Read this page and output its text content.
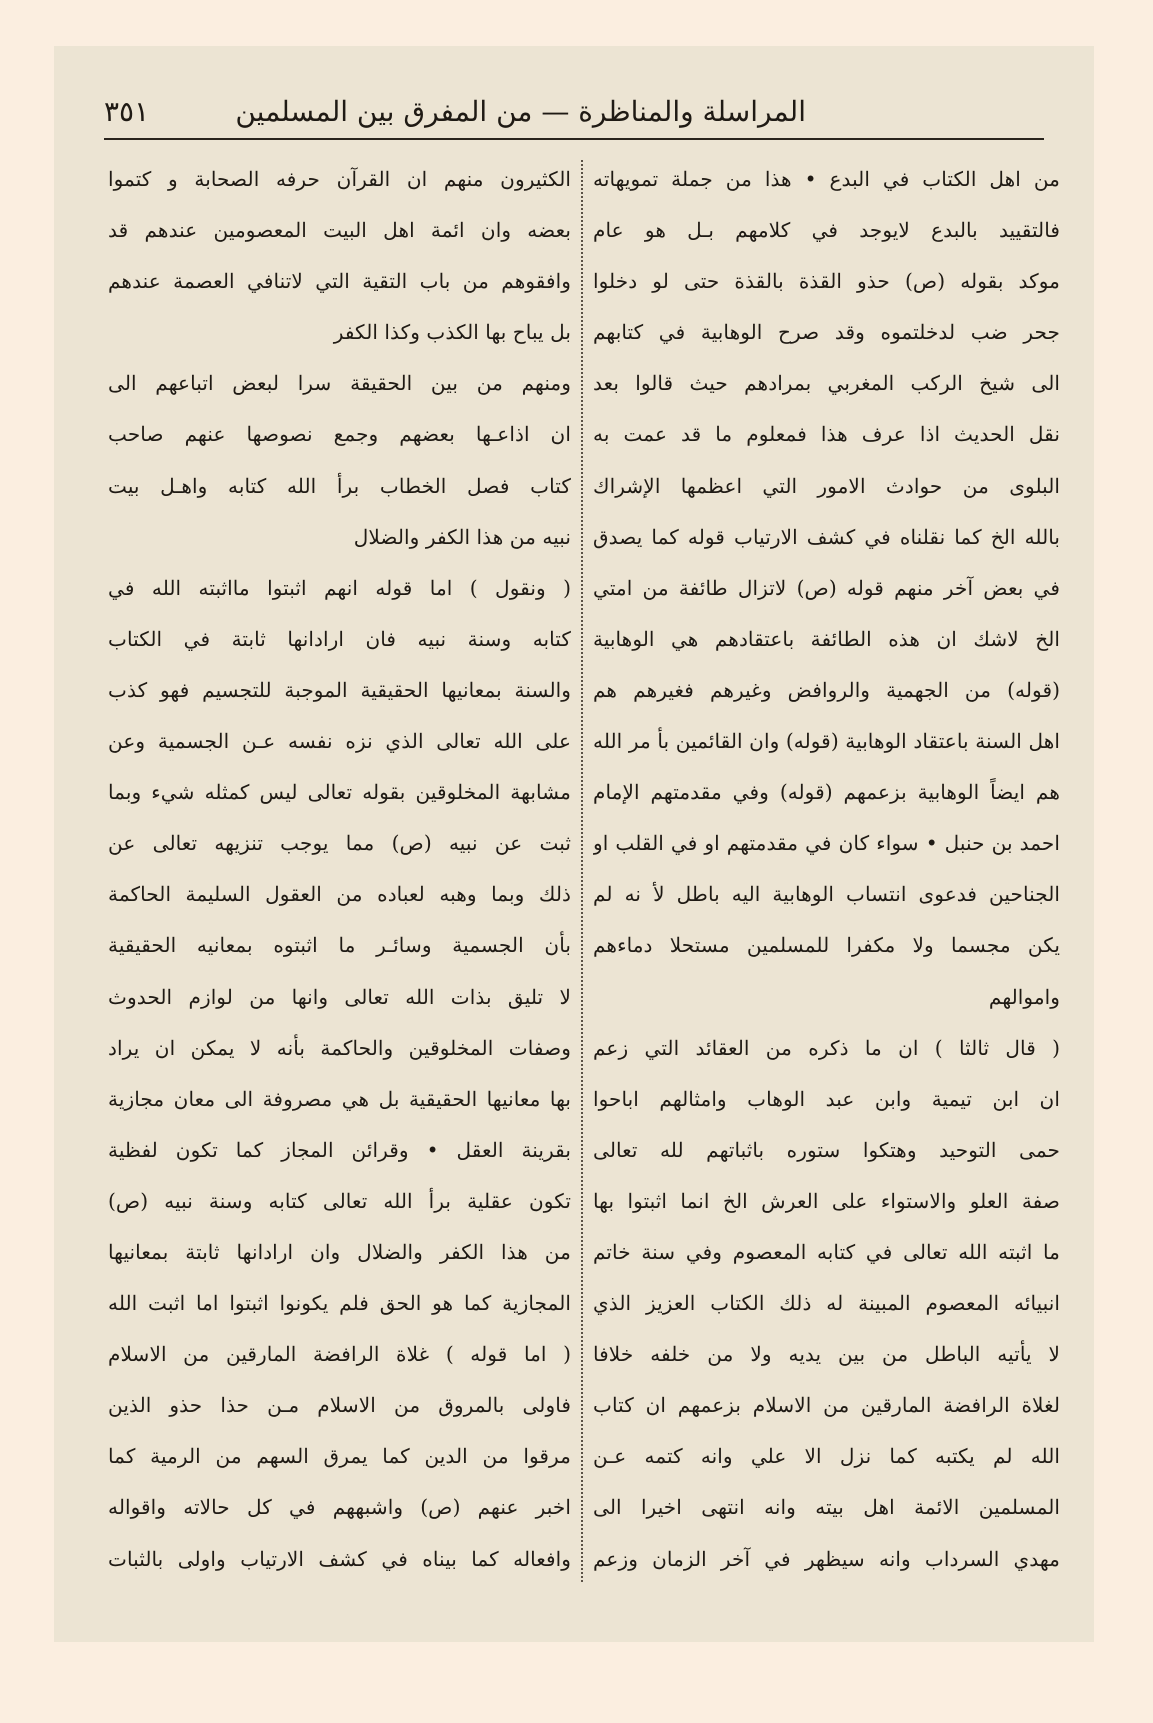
المراسلة والمناظرة — من المفرق بين المسلمين
٣٥١
من اهل الكتاب في البدع • هذا من جملة تمويهاته
فالتقييد بالبدع لايوجد في كلامهم بـل هو عام
موكد بقوله (ص) حذو القذة بالقذة حتى لو دخلوا
جحر ضب لدخلتموه وقد صرح الوهابية في كتابهم
الى شيخ الركب المغربي بمرادهم حيث قالوا بعد
نقل الحديث اذا عرف هذا فمعلوم ما قد عمت به
البلوى من حوادث الامور التي اعظمها الإشراك
بالله الخ كما نقلناه في كشف الارتياب قوله كما يصدق
في بعض آخر منهم قوله (ص) لاتزال طائفة من امتي
الخ لاشك ان هذه الطائفة باعتقادهم هي الوهابية
(قوله) من الجهمية والروافض وغيرهم فغيرهم هم
اهل السنة باعتقاد الوهابية (قوله) وان القائمين بأ مر الله
هم ايضاً الوهابية بزعمهم (قوله) وفي مقدمتهم الإمام
احمد بن حنبل • سواء كان في مقدمتهم او في القلب او
الجناحين فدعوى انتساب الوهابية اليه باطل لأ نه لم
يكن مجسما ولا مكفرا للمسلمين مستحلا دماءهم
واموالهم
( قال ثالثا ) ان ما ذكره من العقائد التي زعم
ان ابن تيمية وابن عبد الوهاب وامثالهم اباحوا
حمى التوحيد وهتكوا ستوره باثباتهم لله تعالى
صفة العلو والاستواء على العرش الخ انما اثبتوا بها
ما اثبته الله تعالى في كتابه المعصوم وفي سنة خاتم
انبيائه المعصوم المبينة له ذلك الكتاب العزيز الذي
لا يأتيه الباطل من بين يديه ولا من خلفه خلافا
لغلاة الرافضة المارقين من الاسلام بزعمهم ان كتاب
الله لم يكتبه كما نزل الا علي وانه كتمه عـن
المسلمين الائمة اهل بيته وانه انتهى اخيرا الى
مهدي السرداب وانه سيظهر في آخر الزمان وزعم
الكثيرون منهم ان القرآن حرفه الصحابة و كتموا
بعضه وان ائمة اهل البيت المعصومين عندهم قد
وافقوهم من باب التقية التي لاتنافي العصمة عندهم
بل يباح بها الكذب وكذا الكفر
ومنهم من بين الحقيقة سرا لبعض اتباعهم الى
ان اذاعـها بعضهم وجمع نصوصها عنهم صاحب
كتاب فصل الخطاب برأ الله كتابه واهـل بيت
نبيه من هذا الكفر والضلال
( ونقول ) اما قوله انهم اثبتوا مااثبته الله في
كتابه وسنة نبيه فان ارادانها ثابتة في الكتاب
والسنة بمعانيها الحقيقية الموجبة للتجسيم فهو كذب
على الله تعالى الذي نزه نفسه عـن الجسمية وعن
مشابهة المخلوقين بقوله تعالى ليس كمثله شيء وبما
ثبت عن نبيه (ص) مما يوجب تنزيهه تعالى عن
ذلك وبما وهبه لعباده من العقول السليمة الحاكمة
بأن الجسمية وسائـر ما اثبتوه بمعانيه الحقيقية
لا تليق بذات الله تعالى وانها من لوازم الحدوث
وصفات المخلوقين والحاكمة بأنه لا يمكن ان يراد
بها معانيها الحقيقية بل هي مصروفة الى معان مجازية
بقرينة العقل • وقرائن المجاز كما تكون لفظية
تكون عقلية برأ الله تعالى كتابه وسنة نبيه (ص)
من هذا الكفر والضلال وان ارادانها ثابتة بمعانيها
المجازية كما هو الحق فلم يكونوا اثبتوا اما اثبت الله
( اما قوله ) غلاة الرافضة المارقين من الاسلام
فاولى بالمروق من الاسلام مـن حذا حذو الذين
مرقوا من الدين كما يمرق السهم من الرمية كما
اخبر عنهم (ص) واشبههم في كل حالاته واقواله
وافعاله كما بيناه في كشف الارتياب واولى بالثبات
